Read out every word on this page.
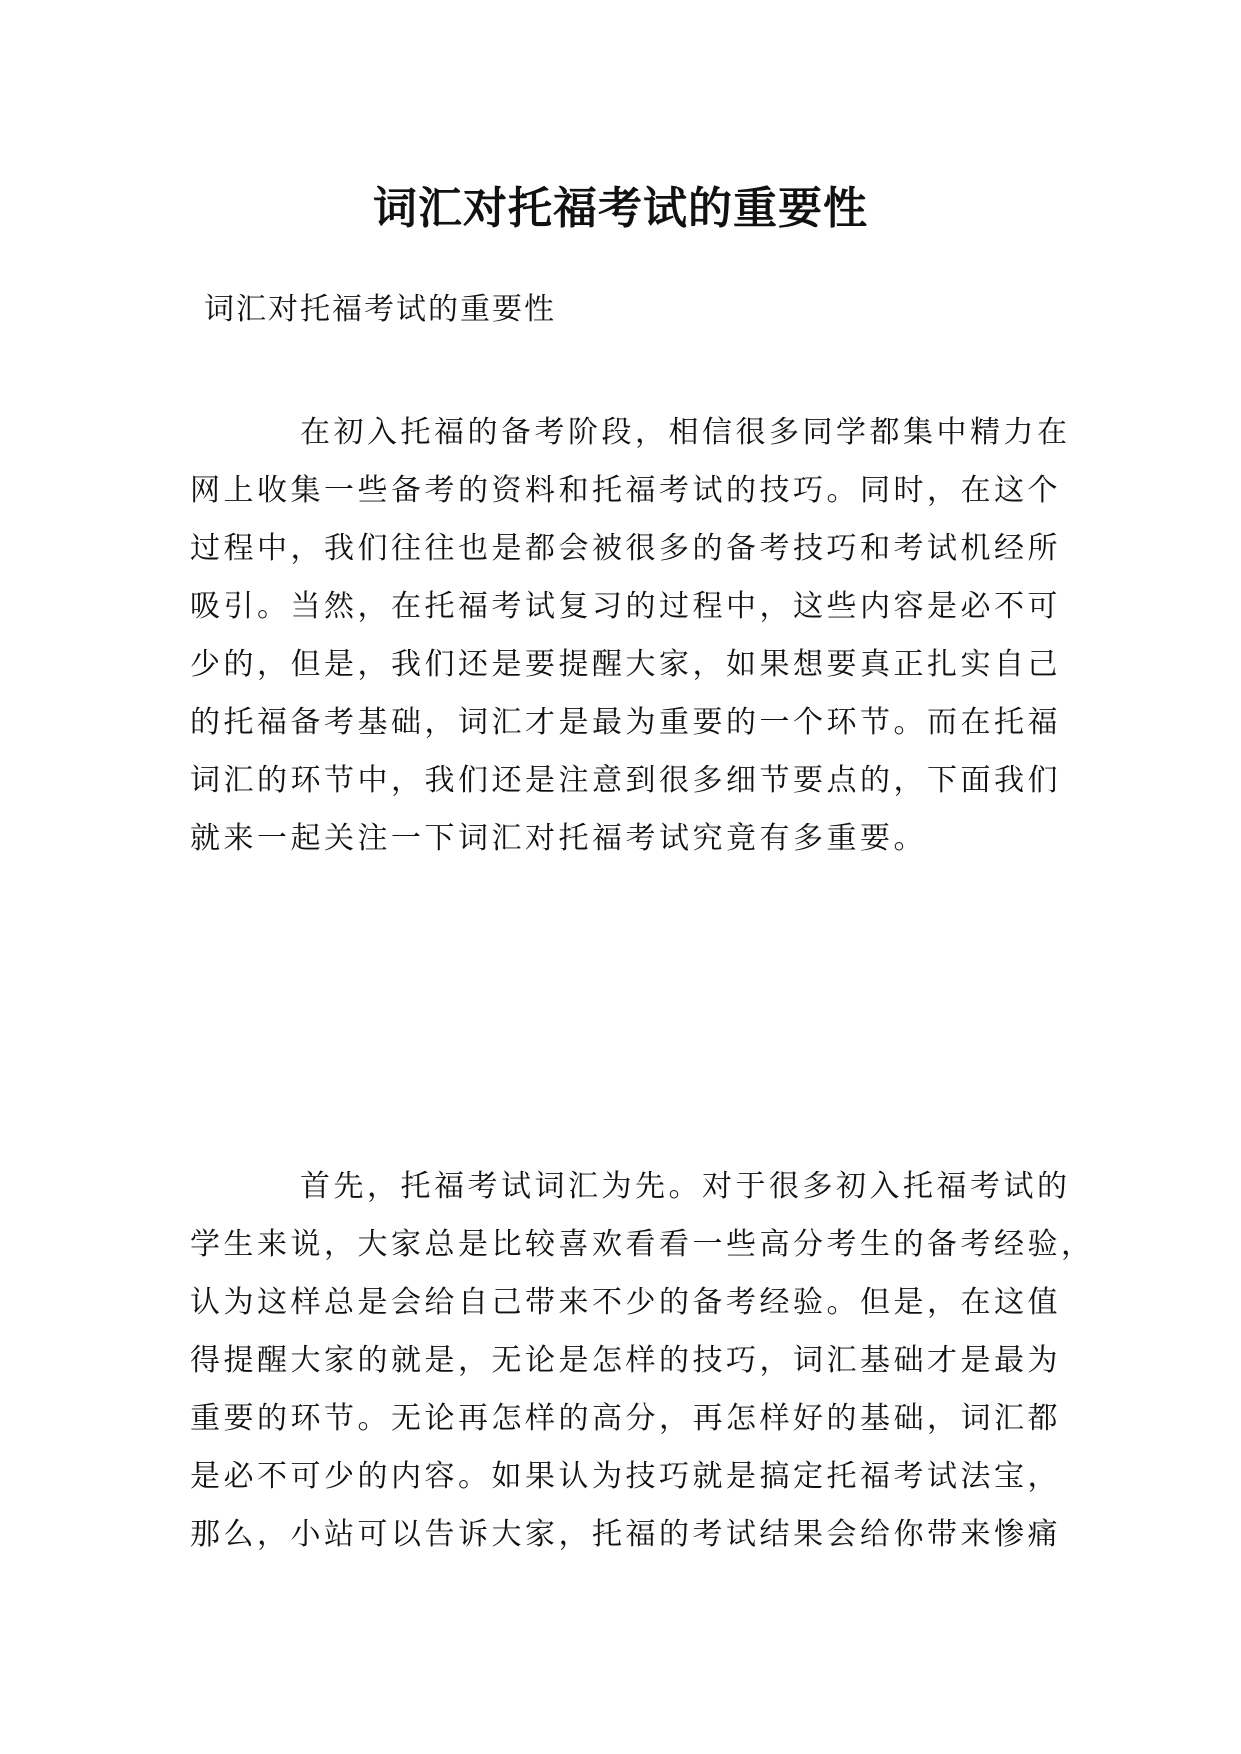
词汇对托福考试的重要性
词汇对托福考试的重要性
在初入托福的备考阶段，相信很多同学都集中精力在
网上收集一些备考的资料和托福考试的技巧。同时，在这个
过程中，我们往往也是都会被很多的备考技巧和考试机经所
吸引。当然，在托福考试复习的过程中，这些内容是必不可
少的，但是，我们还是要提醒大家，如果想要真正扎实自己
的托福备考基础，词汇才是最为重要的一个环节。而在托福
词汇的环节中，我们还是注意到很多细节要点的，下面我们
就来一起关注一下词汇对托福考试究竟有多重要。
首先，托福考试词汇为先。对于很多初入托福考试的
学生来说，大家总是比较喜欢看看一些高分考生的备考经验，
认为这样总是会给自己带来不少的备考经验。但是，在这值
得提醒大家的就是，无论是怎样的技巧，词汇基础才是最为
重要的环节。无论再怎样的高分，再怎样好的基础，词汇都
是必不可少的内容。如果认为技巧就是搞定托福考试法宝，
那么，小站可以告诉大家，托福的考试结果会给你带来惨痛
